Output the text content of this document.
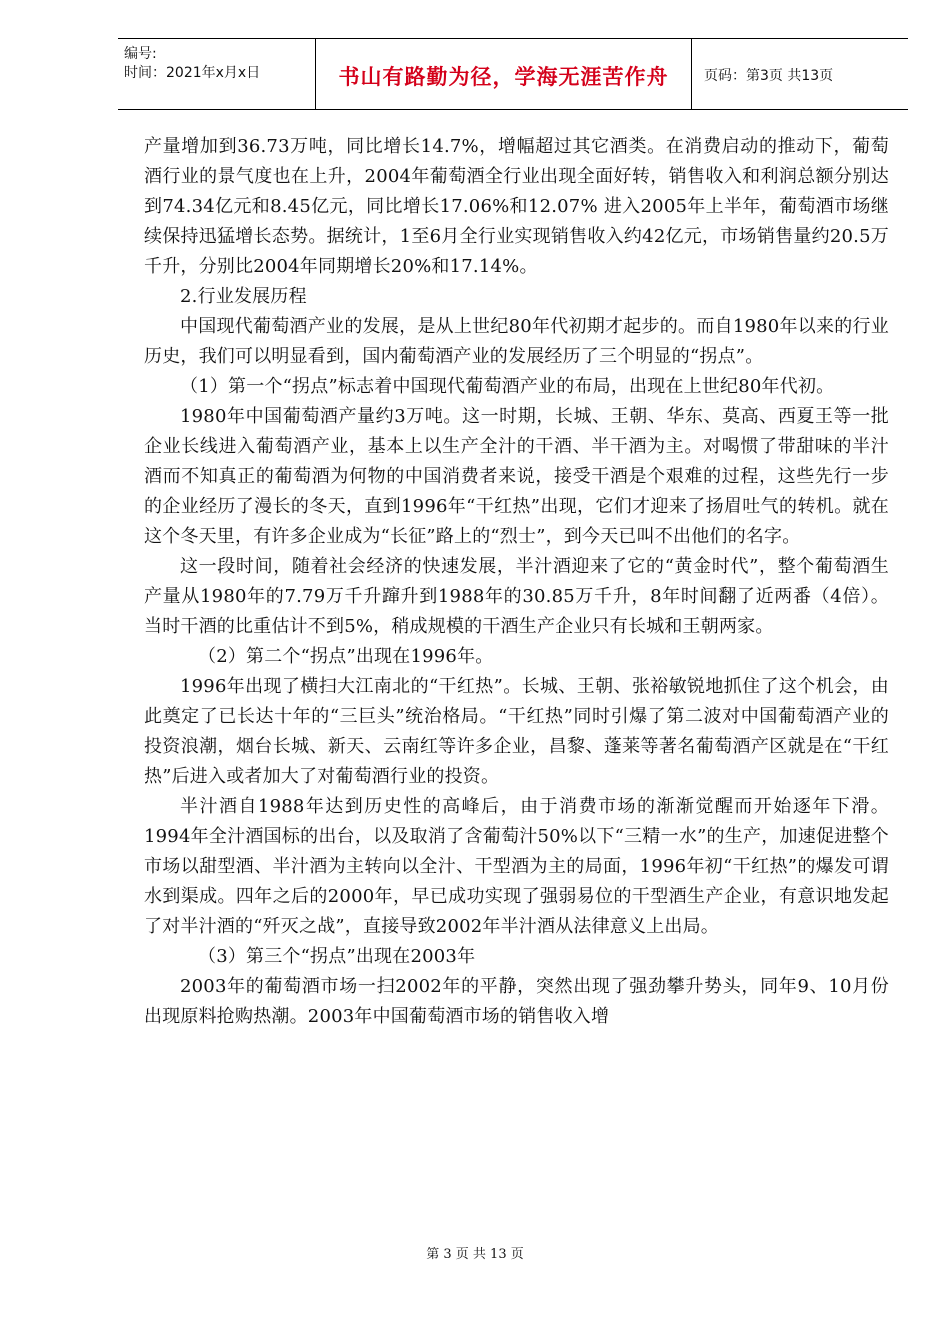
编号:
时间：2021年x月x日	书山有路勤为径，学海无涯苦作舟	页码：第3页 共13页

产量增加到36.73万吨，同比增长14.7%，增幅超过其它酒类。在消费启动的推动下，葡萄酒行业的景气度也在上升，2004年葡萄酒全行业出现全面好转，销售收入和利润总额分别达到74.34亿元和8.45亿元，同比增长17.06%和12.07% 进入2005年上半年，葡萄酒市场继续保持迅猛增长态势。据统计，1至6月全行业实现销售收入约42亿元，市场销售量约20.5万千升，分别比2004年同期增长20%和17.14%。

2.行业发展历程

中国现代葡萄酒产业的发展，是从上世纪80年代初期才起步的。而自1980年以来的行业历史，我们可以明显看到，国内葡萄酒产业的发展经历了三个明显的“拐点”。

（1）第一个“拐点”标志着中国现代葡萄酒产业的布局，出现在上世纪80年代初。

1980年中国葡萄酒产量约3万吨。这一时期，长城、王朝、华东、莫高、西夏王等一批企业长线进入葡萄酒产业，基本上以生产全汁的干酒、半干酒为主。对喝惯了带甜味的半汁酒而不知真正的葡萄酒为何物的中国消费者来说，接受干酒是个艰难的过程，这些先行一步的企业经历了漫长的冬天，直到1996年“干红热”出现，它们才迎来了扬眉吐气的转机。就在这个冬天里，有许多企业成为“长征”路上的“烈士”，到今天已叫不出他们的名字。

这一段时间，随着社会经济的快速发展，半汁酒迎来了它的“黄金时代”，整个葡萄酒生产量从1980年的7.79万千升蹿升到1988年的30.85万千升，8年时间翻了近两番（4倍）。当时干酒的比重估计不到5%，稍成规模的干酒生产企业只有长城和王朝两家。

（2）第二个“拐点”出现在1996年。

1996年出现了横扫大江南北的“干红热”。长城、王朝、张裕敏锐地抓住了这个机会，由此奠定了已长达十年的“三巨头”统治格局。“干红热”同时引爆了第二波对中国葡萄酒产业的投资浪潮，烟台长城、新天、云南红等许多企业，昌黎、蓬莱等著名葡萄酒产区就是在“干红热”后进入或者加大了对葡萄酒行业的投资。

半汁酒自1988年达到历史性的高峰后，由于消费市场的渐渐觉醒而开始逐年下滑。1994年全汁酒国标的出台，以及取消了含葡萄汁50%以下“三精一水”的生产，加速促进整个市场以甜型酒、半汁酒为主转向以全汁、干型酒为主的局面，1996年初“干红热”的爆发可谓水到渠成。四年之后的2000年，早已成功实现了强弱易位的干型酒生产企业，有意识地发起了对半汁酒的“歼灭之战”，直接导致2002年半汁酒从法律意义上出局。

（3）第三个“拐点”出现在2003年

2003年的葡萄酒市场一扫2002年的平静，突然出现了强劲攀升势头，同年9、10月份出现原料抢购热潮。2003年中国葡萄酒市场的销售收入增

第 3 页 共 13 页
